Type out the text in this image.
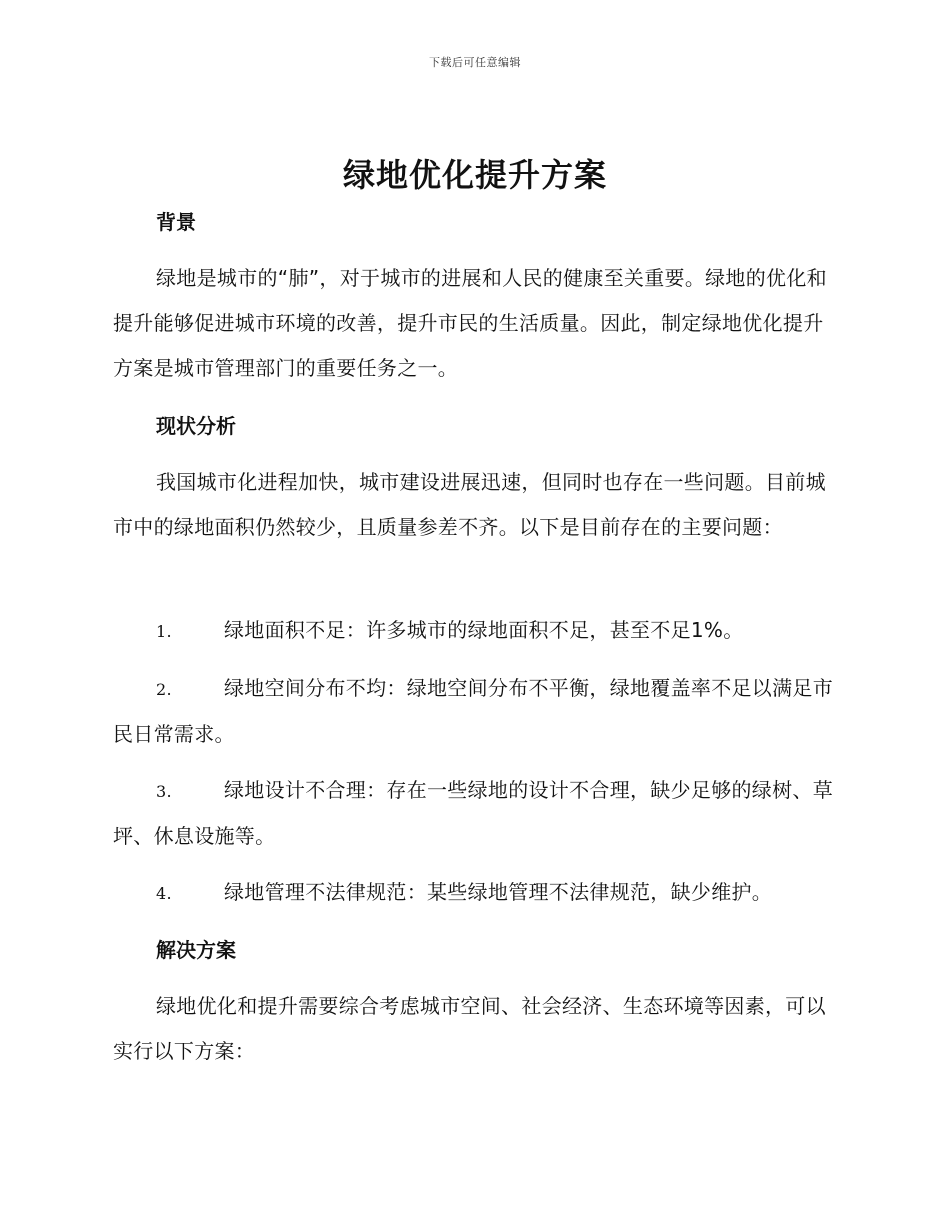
下载后可任意编辑
绿地优化提升方案
背景

绿地是城市的“肺”，对于城市的进展和人民的健康至关重要。绿地的优化和提升能够促进城市环境的改善，提升市民的生活质量。因此，制定绿地优化提升方案是城市管理部门的重要任务之一。

现状分析

我国城市化进程加快，城市建设进展迅速，但同时也存在一些问题。目前城市中的绿地面积仍然较少，且质量参差不齐。以下是目前存在的主要问题：

1.	绿地面积不足：许多城市的绿地面积不足，甚至不足1%。

2.	绿地空间分布不均：绿地空间分布不平衡，绿地覆盖率不足以满足市民日常需求。

3.	绿地设计不合理：存在一些绿地的设计不合理，缺少足够的绿树、草坪、休息设施等。

4.	绿地管理不法律规范：某些绿地管理不法律规范，缺少维护。

解决方案

绿地优化和提升需要综合考虑城市空间、社会经济、生态环境等因素，可以实行以下方案：
